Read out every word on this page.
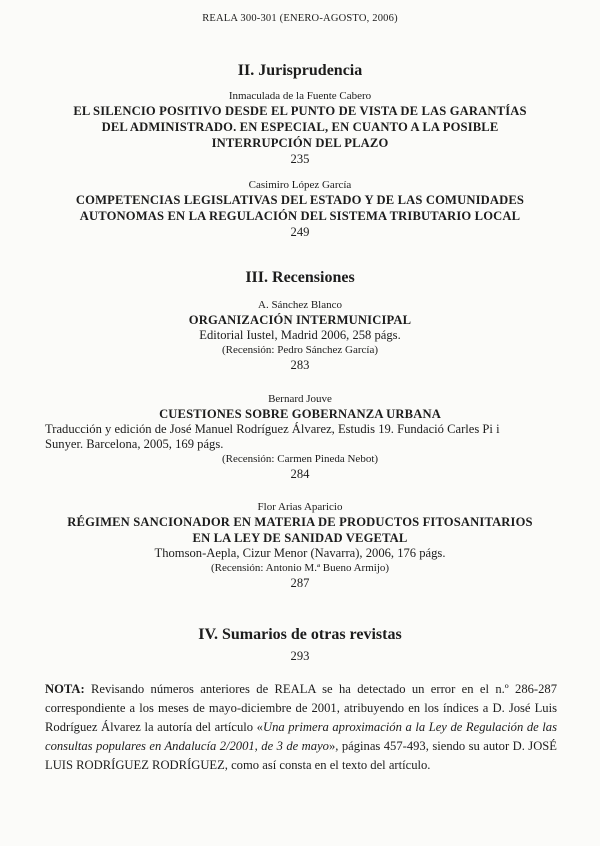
REALA 300-301 (ENERO-AGOSTO, 2006)
II. Jurisprudencia
Inmaculada de la Fuente Cabero
EL SILENCIO POSITIVO DESDE EL PUNTO DE VISTA DE LAS GARANTÍAS
DEL ADMINISTRADO. EN ESPECIAL, EN CUANTO A LA POSIBLE
INTERRUPCIÓN DEL PLAZO
235
Casimiro López García
COMPETENCIAS LEGISLATIVAS DEL ESTADO Y DE LAS COMUNIDADES
AUTONOMAS EN LA REGULACIÓN DEL SISTEMA TRIBUTARIO LOCAL
249
III. Recensiones
A. Sánchez Blanco
ORGANIZACIÓN INTERMUNICIPAL
Editorial Iustel, Madrid 2006, 258 págs.
(Recensión: Pedro Sánchez García)
283
Bernard Jouve
CUESTIONES SOBRE GOBERNANZA URBANA
Traducción y edición de José Manuel Rodríguez Álvarez, Estudis 19. Fundació Carles Pi i
Sunyer. Barcelona, 2005, 169 págs.
(Recensión: Carmen Pineda Nebot)
284
Flor Arias Aparicio
RÉGIMEN SANCIONADOR EN MATERIA DE PRODUCTOS FITOSANITARIOS
EN LA LEY DE SANIDAD VEGETAL
Thomson-Aepla, Cizur Menor (Navarra), 2006, 176 págs.
(Recensión: Antonio M.ª Bueno Armijo)
287
IV. Sumarios de otras revistas
293
NOTA: Revisando números anteriores de REALA se ha detectado un error en el n.º 286-287 correspondiente a los meses de mayo-diciembre de 2001, atribuyendo en los índices a D. José Luis Rodríguez Álvarez la autoría del artículo «Una primera aproximación a la Ley de Regulación de las consultas populares en Andalucía 2/2001, de 3 de mayo», páginas 457-493, siendo su autor D. JOSÉ LUIS RODRÍGUEZ RODRÍGUEZ, como así consta en el texto del artículo.
